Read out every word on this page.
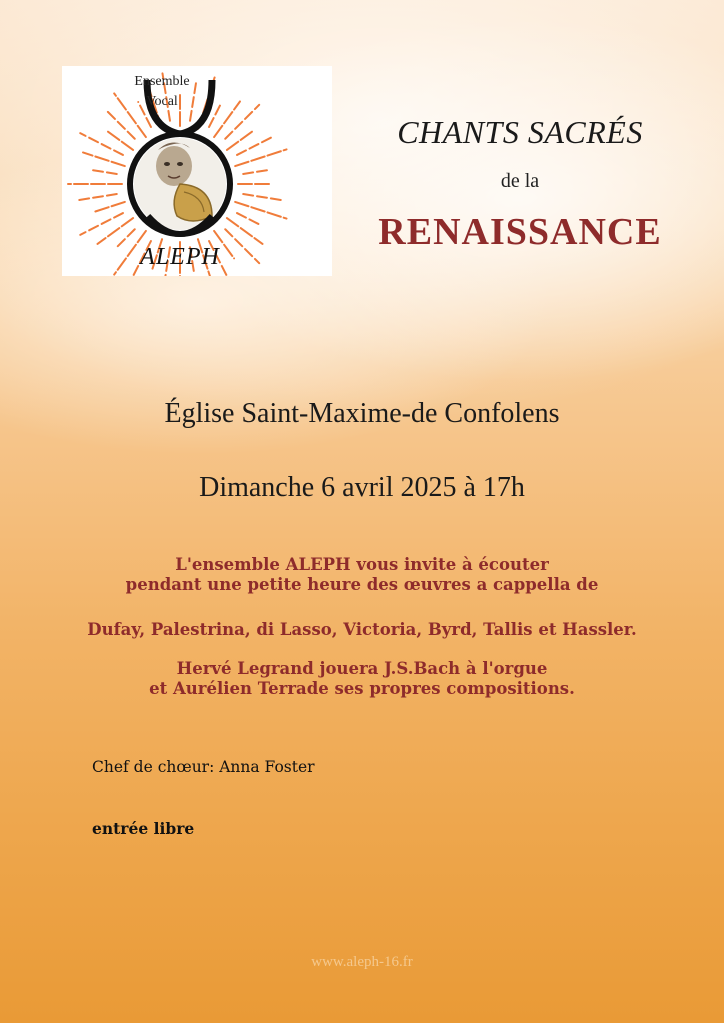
Ensemble
Vocal
ALEPH
CHANTS SACRÉS
de la
RENAISSANCE
Église Saint-Maxime-de Confolens
Dimanche 6 avril 2025 à 17h
L'ensemble ALEPH vous invite à écouter
pendant une petite heure des œuvres a cappella de
Dufay, Palestrina, di Lasso, Victoria, Byrd, Tallis et Hassler.
Hervé Legrand jouera J.S.Bach à l'orgue
et Aurélien Terrade ses propres compositions.
Chef de chœur: Anna Foster
entrée libre
www.aleph-16.fr
